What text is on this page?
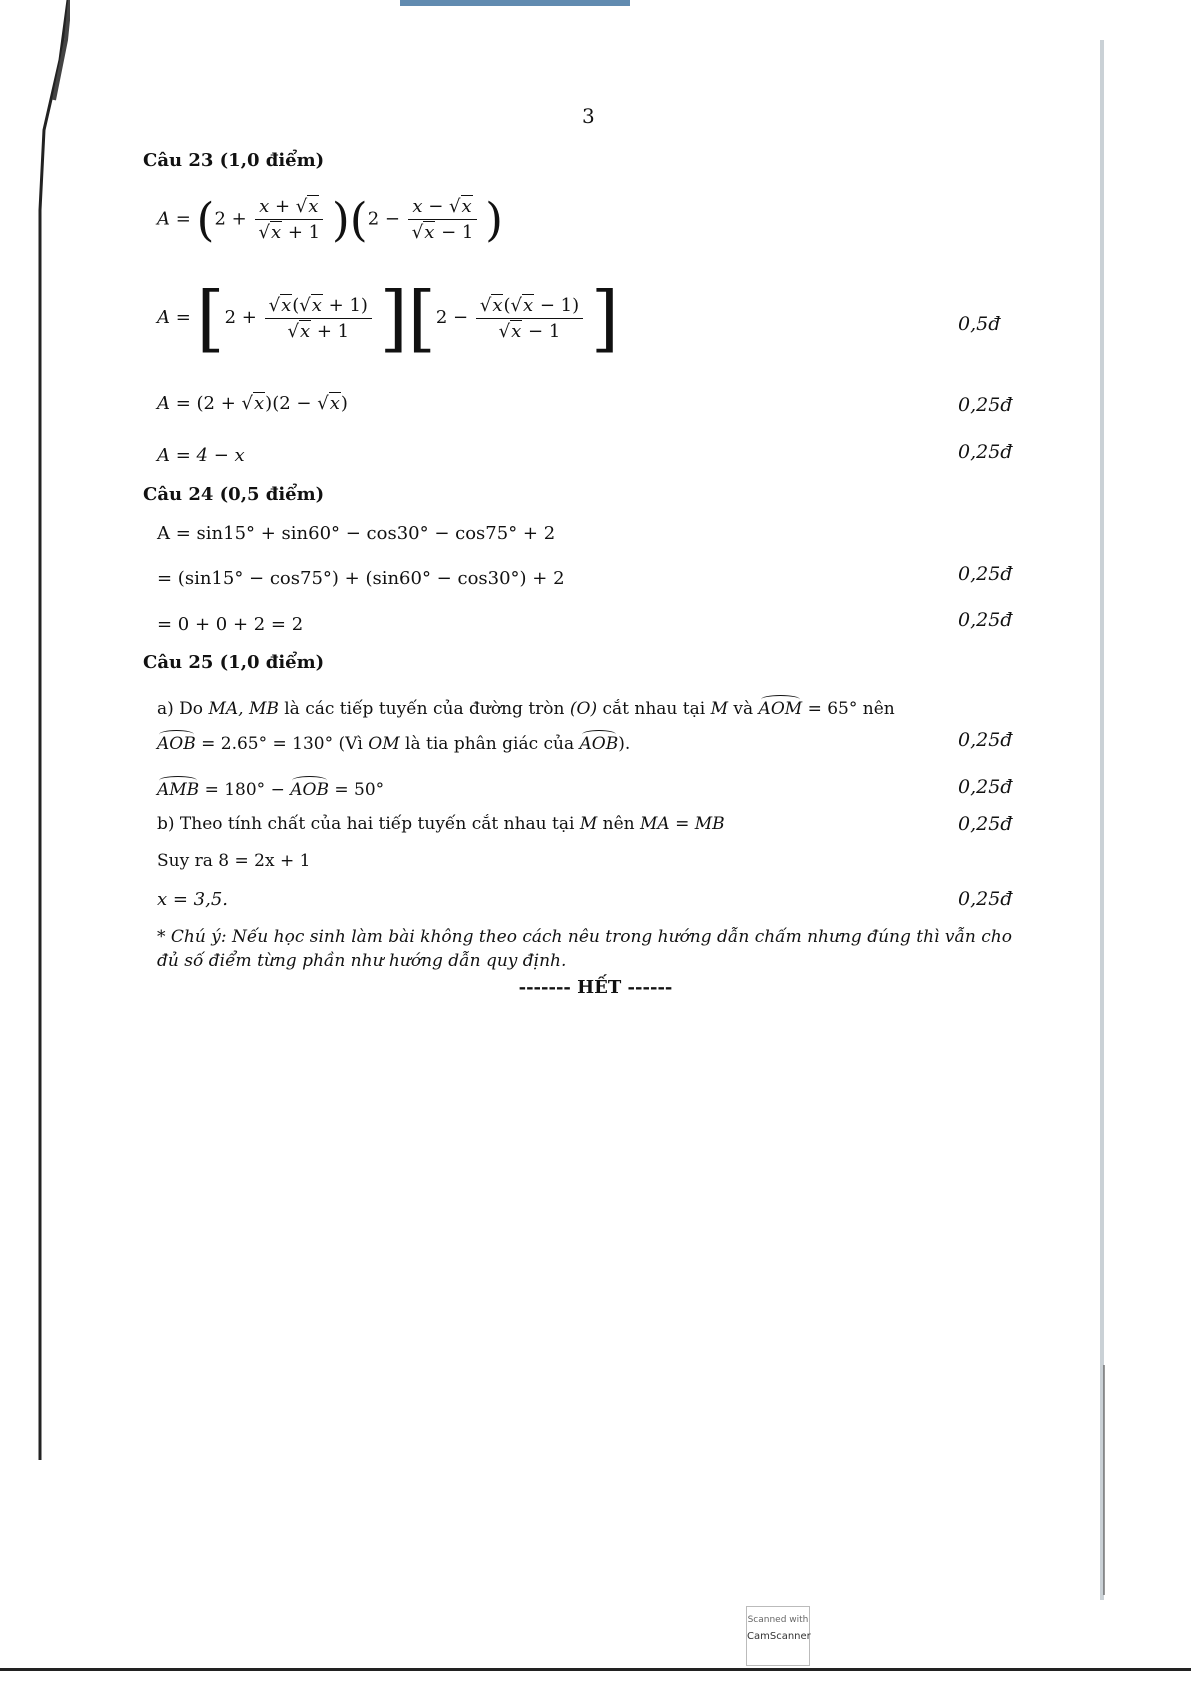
3
Câu 23 (1,0 điểm)
$A = (2 + \frac{x + √x}{√x + 1} )(2 - \frac{x - √x}{√x - 1}$ )
$A = [2 + \frac{√x(√x + 1)}{√x + 1} ][2 - \frac{√x(√x - 1)}{√x - 1}$ ]	0,5đ
A = (2 + √x)(2 − √x)	0,25đ
A = 4 − x	0,25đ
Câu 24 (0,5 điểm)
A = sin15° + sin60° − cos30° − cos75° + 2
= (sin15° − cos75°) + (sin60° − cos30°) + 2	0,25đ
= 0 + 0 + 2 = 2	0,25đ
Câu 25 (1,0 điểm)
a) Do MA, MB là các tiếp tuyến của đường tròn (O) cắt nhau tại M và AOM = 65° nên
AOB = 2.65° = 130° (Vì OM là tia phân giác của AOB).	0,25đ
AMB = 180° − AOB = 50°	0,25đ
b) Theo tính chất của hai tiếp tuyến cắt nhau tại M nên MA = MB	0,25đ
Suy ra 8 = 2x + 1
x = 3,5.	0,25đ
* Chú ý: Nếu học sinh làm bài không theo cách nêu trong hướng dẫn chấm nhưng đúng thì vẫn cho đủ số điểm từng phần như hướng dẫn quy định.
------- HẾT ------
Scanned with
CamScanner
